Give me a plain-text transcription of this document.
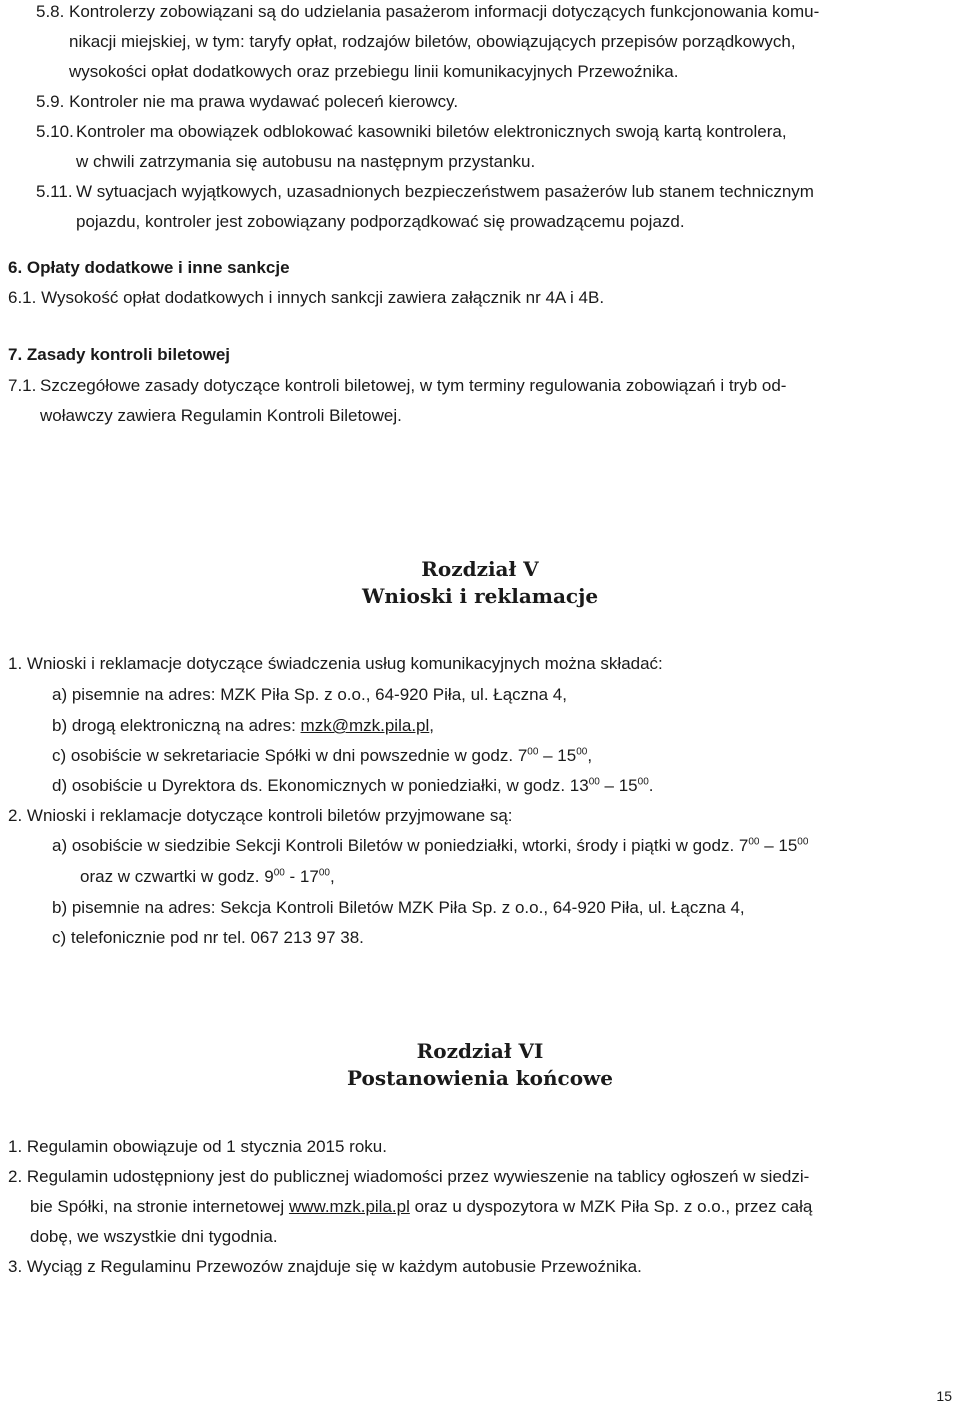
5.8. Kontrolerzy zobowiązani są do udzielania pasażerom informacji dotyczących funkcjonowania komu-
nikacji miejskiej, w tym: taryfy opłat, rodzajów biletów, obowiązujących przepisów porządkowych,
wysokości opłat dodatkowych oraz przebiegu linii komunikacyjnych Przewoźnika.
5.9. Kontroler nie ma prawa wydawać poleceń kierowcy.
5.10. Kontroler ma obowiązek odblokować kasowniki biletów elektronicznych swoją kartą kontrolera,
w chwili zatrzymania się autobusu na następnym przystanku.
5.11. W sytuacjach wyjątkowych, uzasadnionych bezpieczeństwem pasażerów lub stanem technicznym
pojazdu, kontroler jest zobowiązany podporządkować się prowadzącemu pojazd.
6. Opłaty dodatkowe i inne sankcje
6.1. Wysokość opłat dodatkowych i innych sankcji zawiera załącznik nr 4A i 4B.
7. Zasady kontroli biletowej
7.1. Szczegółowe zasady dotyczące kontroli biletowej, w tym terminy regulowania zobowiązań i tryb od-
woławczy zawiera Regulamin Kontroli Biletowej.
Rozdział V
Wnioski i reklamacje
1. Wnioski i reklamacje dotyczące świadczenia usług komunikacyjnych można składać:
a) pisemnie na adres: MZK Piła Sp. z o.o., 64-920 Piła, ul. Łączna 4,
b) drogą elektroniczną na adres: mzk@mzk.pila.pl,
c) osobiście w sekretariacie Spółki w dni powszednie w godz. $7^{00} - 15^{00}$,
d) osobiście u Dyrektora ds. Ekonomicznych w poniedziałki, w godz. $13^{00} - 15^{00}$.
2. Wnioski i reklamacje dotyczące kontroli biletów przyjmowane są:
a) osobiście w siedzibie Sekcji Kontroli Biletów w poniedziałki, wtorki, środy i piątki w godz. $7^{00} - 15^{00}$
oraz w czwartki w godz. $9^{00} - 17^{00}$,
b) pisemnie na adres: Sekcja Kontroli Biletów MZK Piła Sp. z o.o., 64-920 Piła, ul. Łączna 4,
c) telefonicznie pod nr tel. 067 213 97 38.
Rozdział VI
Postanowienia końcowe
1. Regulamin obowiązuje od 1 stycznia 2015 roku.
2. Regulamin udostępniony jest do publicznej wiadomości przez wywieszenie na tablicy ogłoszeń w siedzi-
bie Spółki, na stronie internetowej www.mzk.pila.pl oraz u dyspozytora w MZK Piła Sp. z o.o., przez całą
dobę, we wszystkie dni tygodnia.
3. Wyciąg z Regulaminu Przewozów znajduje się w każdym autobusie Przewoźnika.
15
